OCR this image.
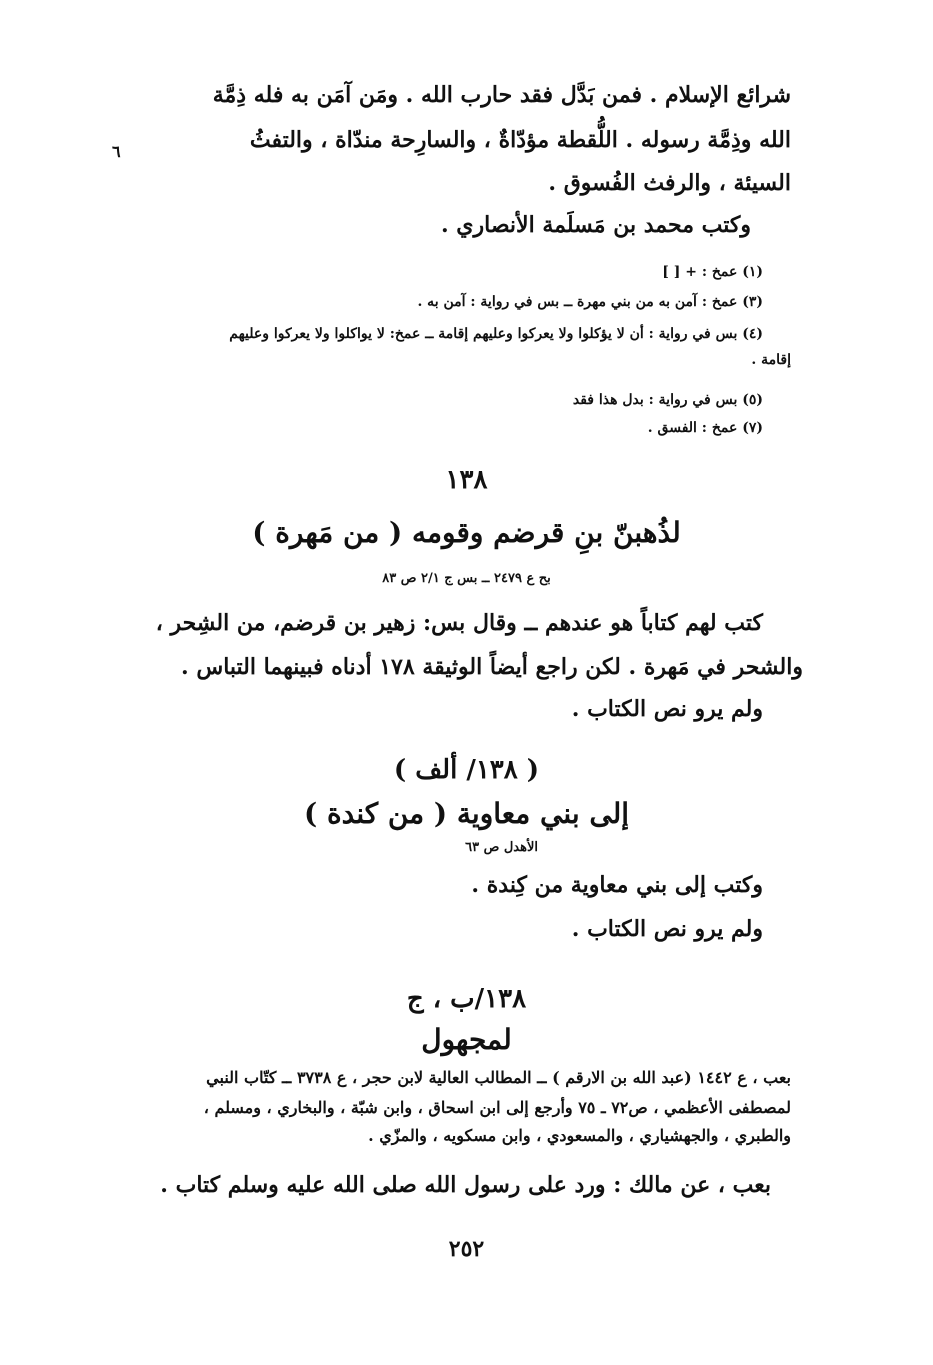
شرائع الإسلام . فمن بَدَّل فقد حارب الله . ومَن آمَن به فله ذِمَّة
الله وذِمَّة رسوله . اللُّقطة مؤدّاةٌ ، والسارِحة مندّاة ، والتفثُ
٦
السيئة ، والرفث الفُسوق .
وكتب محمد بن مَسلَمة الأنصاري .
(١) عمخ : + [ ]
(٣) عمخ : آمن به من بني مهرة ــ بس في رواية : آمن به .
(٤) بس في رواية : أن لا يؤكلوا ولا يعركوا وعليهم إقامة ــ عمخ: لا يواكلوا ولا يعركوا وعليهم
إقامة .
(٥) بس في رواية : بدل هذا فقد
(٧) عمخ : الفسق .
١٣٨
لذُهبنّ بنِ قرضم وقومه ( من مَهرة )
بح ع ٢٤٧٩ ــ بس ج ٢/١ ص ٨٣
كتب لهم كتاباً هو عندهم ــ وقال بس: زهير بن قرضم، من الشِحر ،
والشحر في مَهرة . لكن راجع أيضاً الوثيقة ١٧٨ أدناه فبينهما التباس .
ولم يرو نص الكتاب .
( ١٣٨/ ألف )
إلى بني معاوية ( من كندة )
الأهدل ص ٦٣
وكتب إلى بني معاوية من كِندة .
ولم يرو نص الكتاب .
١٣٨/ب ، ج
لمجهول
بعب ، ع ١٤٤٢ (عبد الله بن الارقم ) ــ المطالب العالية لابن حجر ، ع ٣٧٣٨ ــ كتّاب النبي
لمصطفى الأعظمي ، ص٧٢ ـ ٧٥ وأرجع إلى ابن اسحاق ، وابن شبّة ، والبخاري ، ومسلم ،
والطبري ، والجهشياري ، والمسعودي ، وابن مسكويه ، والمزّي .
بعب ، عن مالك : ورد على رسول الله صلى الله عليه وسلم كتاب .
٢٥٢
